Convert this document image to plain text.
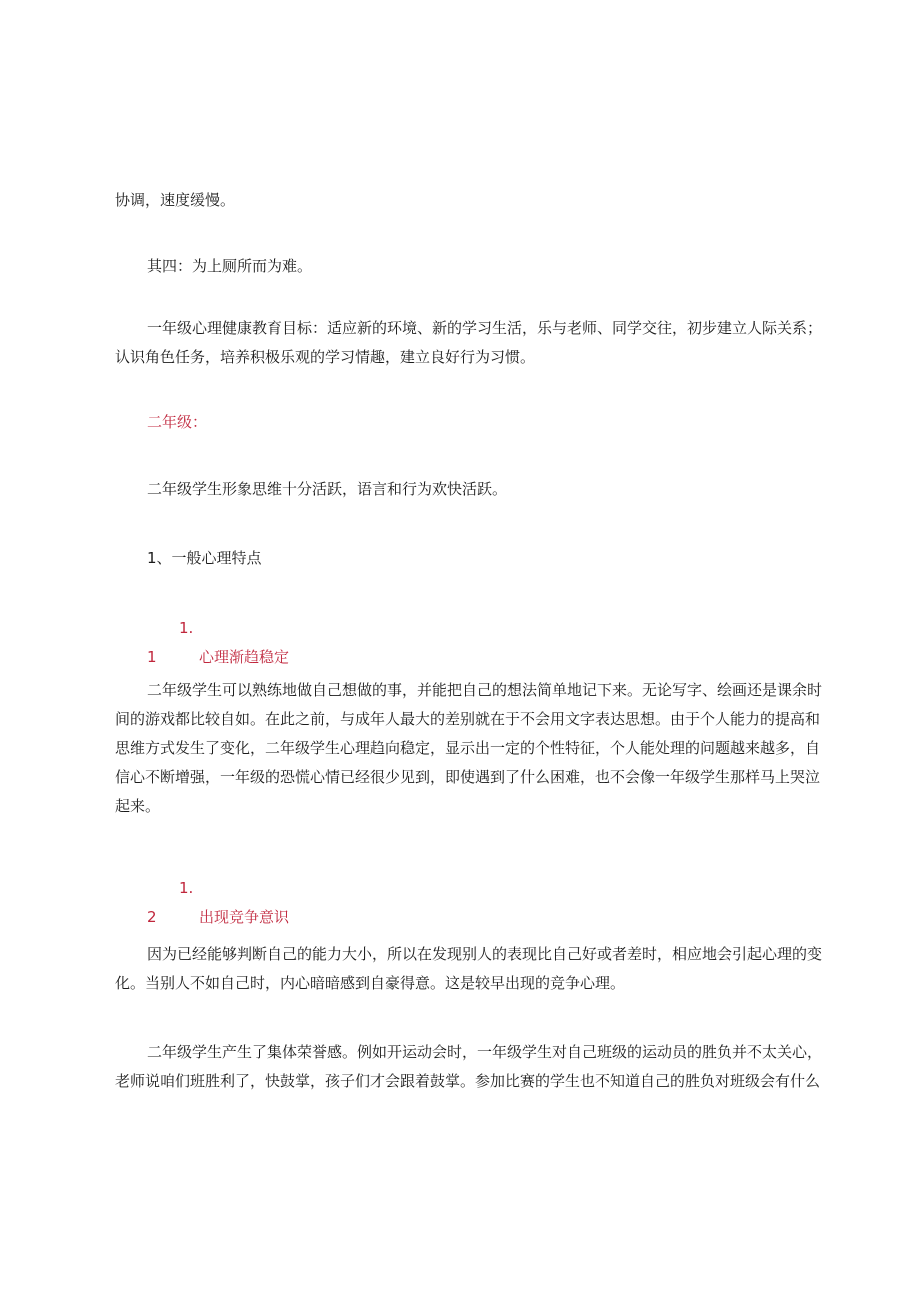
协调，速度缓慢。

其四：为上厕所而为难。

一年级心理健康教育目标：适应新的环境、新的学习生活，乐与老师、同学交往，初步建立人际关系；认识角色任务，培养积极乐观的学习情趣，建立良好行为习惯。

二年级：

二年级学生形象思维十分活跃，语言和行为欢快活跃。

1、一般心理特点

1.1	心理渐趋稳定

二年级学生可以熟练地做自己想做的事，并能把自己的想法简单地记下来。无论写字、绘画还是课余时间的游戏都比较自如。在此之前，与成年人最大的差别就在于不会用文字表达思想。由于个人能力的提高和思维方式发生了变化，二年级学生心理趋向稳定，显示出一定的个性特征，个人能处理的问题越来越多，自信心不断增强，一年级的恐慌心情已经很少见到，即使遇到了什么困难，也不会像一年级学生那样马上哭泣起来。

1.2	出现竞争意识

因为已经能够判断自己的能力大小，所以在发现别人的表现比自己好或者差时，相应地会引起心理的变化。当别人不如自己时，内心暗暗感到自豪得意。这是较早出现的竞争心理。

二年级学生产生了集体荣誉感。例如开运动会时，一年级学生对自己班级的运动员的胜负并不太关心，老师说咱们班胜利了，快鼓掌，孩子们才会跟着鼓掌。参加比赛的学生也不知道自己的胜负对班级会有什么
